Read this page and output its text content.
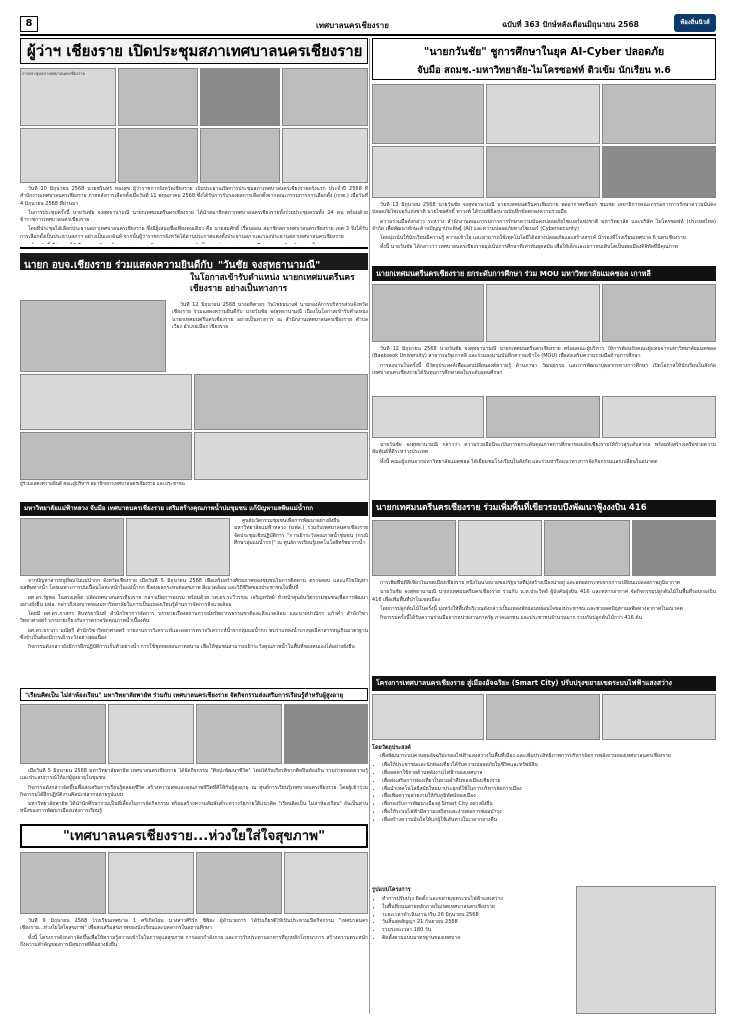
8	เทศบาลนครเชียงราย	ฉบับที่ 363 ปักษ์หลังเดือนมิถุนายน 2568	ท้องถิ่นนิวส์
ผู้ว่าฯ เชียงราย เปิดประชุมสภาเทศบาลนครเชียงราย
การประชุมสภาเทศบาลนครเชียงราย

วันที่ 10 มิถุนายน 2568 นายชรินทร์ ทองสุข ผู้ว่าราชการจังหวัดเชียงราย เป็นประธานเปิดการประชุมสภาเทศบาลนครเชียงรายครั้งแรก ประจำปี 2568 ที่สำนักงานเทศบาลนครเชียงราย ภายหลังการเลือกตั้งเมื่อวันที่ 11 พฤษภาคม 2568 ซึ่งได้รับการรับรองผลการเลือกตั้งจากคณะกรรมการการเลือกตั้ง (กกต.) เมื่อวันที่ 4 มิถุนายน 2568 ที่ผ่านมา

ในการประชุมครั้งนี้ นายวันชัย จงสุทธานามณี นายกเทศมนตรีนครเชียงราย ได้นำสมาชิกสภาเทศบาลนครเชียงรายทั้งร่วมประชุมครบทั้ง 24 คน พร้อมด้วยข้าราชการเทศบาลนครเชียงราย

โดยที่ประชุมได้เลือกประธานสภาเทศบาลนครเชียงราย ซึ่งมีผู้เสนอชื่อเพียงคนเดียว คือ นายสมศักดิ์ เรือนอ่อน สมาชิกสภาเทศบาลนครเชียงราย เขต 3 จึงได้รับการเลือกตั้งเป็นประธานสภาฯ อย่างเป็นเอกฉันท์ จากนั้นผู้ว่าราชการจังหวัดได้อ่านประกาศแต่งตั้งประธานสภาและรองประธานสภาเทศบาลนครเชียงราย

นายก อบจ.เชียงราย ร่วมแสดงความยินดีกับ "วันชัย จงสุทธานามณี"
ในโอกาสเข้ารับตำแหน่ง นายกเทศมนตรีนครเชียงราย อย่างเป็นทางการ

วันที่ 12 มิถุนายน 2568 นางอทิตาธร วันไชยธนวงศ์ นายกองค์การบริหารส่วนจังหวัดเชียงราย ร่วมแสดงความยินดีกับ นายวันชัย จงสุทธานามณี เนื่องในโอกาสเข้ารับตำแหน่ง นายกเทศมนตรีนครเชียงราย อย่างเป็นทางการ ณ สำนักงานเทศบาลนครเชียงราย ตำบลเวียง อำเภอเมือง เชียงราย

ผู้ร่วมแสดงความยินดี คณะผู้บริหาร สมาชิกสภาเทศบาลนครเชียงราย และประชาชน
มหาวิทยาลัยแม่ฟ้าหลวง จับมือ เทศบาลนครเชียงราย เสริมสร้างคุณภาพน้ำบ่มชุมชน แก้ปัญหามลพิษแม่น้ำกก

ศูนย์นวัตกรรมชุมชนเพื่อการพัฒนาอย่างยั่งยืน มหาวิทยาลัยแม่ฟ้าหลวง (มฟล.) ร่วมกับเทศบาลนครเชียงราย จัดประชุมเชิงปฏิบัติการ "การเฝ้าระวังคุณภาพน้ำชุมชน (กรณีศึกษาลุ่มแม่น้ำกก)" ณ ศูนย์การเรียนรู้เทคโนโลยีทรัพยากรน้ำ

จากปัญหาสารหนูที่พบในแม่น้ำกก จังหวัดเชียงราย เมื่อวันที่ 5 มิถุนายน 2568 เพื่อเสริมสร้างศักยภาพของชุมชนในการติดตาม ตรวจสอบ และแก้ไขปัญหามลพิษทางน้ำ โดยเฉพาะการปนเปื้อนโลหะหนักในแม่น้ำกก ซึ่งส่งผลกระทบต่อสุขภาพ สิ่งแวดล้อม และวิถีชีวิตของประชาชนในพื้นที่

ผศ.ดร.รัฐพล ในสรงเคล็ด ปลัดเทศบาลนครเชียงราย กล่าวเปิดการอบรม พร้อมด้วย รศ.ดร.ระวีวรรณ เจริญทรัพย์ หัวหน้าศูนย์นวัตกรรมชุมชนเพื่อการพัฒนาอย่างยั่งยืน มฟล. กล่าวถึงบทบาทของมหาวิทยาลัยในการเป็นแหล่งเรียนรู้ด้านการจัดการสิ่งแวดล้อม

โดยมี ผศ.ดร.ภาสกร สินทรธานินท์ สำนักวิชาการจัดการ บรรยายเรื่องสถานการณ์ทรัพยากรธรรมชาติและสิ่งแวดล้อม และนายปาณิกร แก้วคำ สำนักวิชาวิทยาศาสตร์ บรรยายเกี่ยวกับการตรวจวัดคุณภาพน้ำเบื้องต้น

ผศ.ดร.ธราภา มณีศรี สำนักวิชาวิทยาศาสตร์ รายงานการวิเคราะห์และผลการตรวจวิเคราะห์น้ำจากลุ่มแม่น้ำกก พบว่าแหล่งน้ำบางจุดมีค่าสารหนูเกินมาตรฐาน ซึ่งจำเป็นต้องมีการเฝ้าระวังอย่างต่อเนื่อง

กิจกรรมดังกล่าวยังมีการฝึกปฏิบัติการเก็บตัวอย่างน้ำ การใช้ชุดทดสอบภาคสนาม เพื่อให้ชุมชนสามารถเฝ้าระวังคุณภาพน้ำในพื้นที่ของตนเองได้อย่างยั่งยืน

"เรียนคิดเป็น ไม่ล่าห้องเรียน" มหาวิทยาลัยพายัพ ร่วมกับ เทศบาลนครเชียงราย จัดกิจกรรมส่งเสริมการเรียนรู้สำหรับผู้สูงอายุ

เมื่อวันที่ 5 มิถุนายน 2568 มหาวิทยาลัยพายัพ เทศบาลนครเชียงราย ได้จัดกิจกรรม "ศิลปะพัฒนาชีวิต" โดยได้รับเกียรติจากศิลปินท้องถิ่น ร่วมถ่ายทอดความรู้และประสบการณ์ให้แก่ผู้สูงอายุในชุมชน

กิจกรรมดังกล่าวจัดขึ้นเพื่อส่งเสริมการเรียนรู้ตลอดชีวิต สร้างความสุขและคุณภาพชีวิตที่ดีให้กับผู้สูงอายุ ณ ศูนย์การเรียนรู้เทศบาลนครเชียงราย โดยผู้เข้าร่วมกิจกรรมได้ฝึกปฏิบัติงานศิลปะหลากหลายรูปแบบ

มหาวิทยาลัยพายัพ ได้นำนักศึกษาร่วมเป็นพี่เลี้ยงในการจัดกิจกรรม พร้อมสร้างความสัมพันธ์ระหว่างวัยภายใต้แนวคิด "เรียนคิดเป็น ไม่ล่าห้องเรียน" อันเป็นส่วนหนึ่งของการพัฒนาเมืองแห่งการเรียนรู้

"เทศบาลนครเชียงราย...ห่วงใยใส่ใจสุขภาพ"

วันที่ 9 มิถุนายน 2568 โรงเรียนเทศบาล 1 ศรีเกิดไผ่ม นางสาวศิริรัก ชีพิยะ ผู้อำนวยการ ได้รับเกียรติให้เป็นประธานเปิดกิจกรรม "เทศบาลนครเชียงราย...ห่วงใยใส่ใจสุขภาพ" เพื่อส่งเสริมสุขภาพของนักเรียนและบุคลากรในสถานศึกษา

ทั้งนี้ โครงการดังกล่าวจัดขึ้นเพื่อให้ความรู้ความเข้าใจในการดูแลสุขภาพ การออกกำลังกาย และการรับประทานอาหารที่ถูกหลักโภชนาการ สร้างความตระหนักถึงความสำคัญของการมีสุขภาพที่ดีอย่างยั่งยืน

"นายกวันชัย" ชูการศึกษาในยุค AI-Cyber ปลอดภัย
จับมือ สถมช.-มหาวิทยาลัย-ไมโครซอฟท์ ติวเข้ม นักเรียน ท.6

วันที่ 13 มิถุนายน 2568 นายวันชัย จงสุทธานามณี นายกเทศมนตรีนครเชียงราย พลอากาศตรีอมร ชมเชย เลขาธิการคณะกรรมการการรักษาความมั่นคงปลอดภัยไซเบอร์แห่งชาติ นายไชยศักดิ์ ทาวงศ์ ได้ร่วมพิธีลงนามบันทึกข้อตกลงความร่วมมือ

ความร่วมมือดังกล่าว ระหว่าง สำนักงานคณะกรรมการการรักษาความมั่นคงปลอดภัยไซเบอร์แห่งชาติ มหาวิทยาลัย และบริษัท ไมโครซอฟท์ (ประเทศไทย) จำกัด เพื่อพัฒนาทักษะด้านปัญญาประดิษฐ์ (AI) และความปลอดภัยทางไซเบอร์ (Cybersecurity)

โดยมุ่งเน้นให้นักเรียนมีความรู้ ความเข้าใจ และสามารถใช้เทคโนโลยีได้อย่างปลอดภัยและสร้างสรรค์ นำร่องที่โรงเรียนเทศบาล 6 นครเชียงราย

ทั้งนี้ นายวันชัย ได้กล่าวว่า เทศบาลนครเชียงรายมุ่งเน้นการศึกษาที่เท่าทันยุคสมัย เพื่อให้เด็กและเยาวชนเติบโตเป็นพลเมืองดิจิทัลที่มีคุณภาพ

นายกเทศมนตรีนครเชียงราย ยกระดับการศึกษา ร่วม MOU มหาวิทยาลัยแมคซอล เกาหลี

วันที่ 12 มิถุนายน 2568 นายวันชัย จงสุทธานามณี นายกเทศมนตรีนครเชียงราย พร้อมคณะผู้บริหาร ให้การต้อนรับคณะผู้แทนจากมหาวิทยาลัยแมคซอล (Baekseok University) สาธารณรัฐเกาหลี และร่วมลงนามบันทึกความเข้าใจ (MOU) เพื่อส่งเสริมความร่วมมือด้านการศึกษา

การลงนามในครั้งนี้ มีวัตถุประสงค์เพื่อแลกเปลี่ยนองค์ความรู้ ด้านภาษา วัฒนธรรม และการพัฒนาบุคลากรทางการศึกษา เปิดโอกาสให้นักเรียนในสังกัดเทศบาลนครเชียงรายได้รับทุนการศึกษาต่อในระดับอุดมศึกษา

นายวันชัย จงสุทธานามณี กล่าวว่า ความร่วมมือนี้จะเป็นการยกระดับคุณภาพการศึกษาของเด็กเชียงรายให้ก้าวสู่ระดับสากล พร้อมทั้งสร้างเครือข่ายความสัมพันธ์ที่ดีระหว่างประเทศ

ทั้งนี้ คณะผู้แทนจากมหาวิทยาลัยแมคซอล ได้เยี่ยมชมโรงเรียนในสังกัด และร่วมหารือแนวทางการจัดกิจกรรมแลกเปลี่ยนในอนาคต

นายกเทศมนตรีนครเชียงราย ร่วมเพิ่มพื้นที่เขียวรอบบึงพัฒนาฟู้งงงบิน 416

การเพิ่มพื้นที่สีเขียวในเขตเมืองเชียงราย หนึ่งในนโยบายของรัฐบาลที่มุ่งสร้างเมืองน่าอยู่ และลดผลกระทบจากการเปลี่ยนแปลงสภาพภูมิอากาศ

นายวันชัย จงสุทธานามณี นายกเทศมนตรีนครเชียงราย ร่วมกับ น.ท.ประวิทย์ ผู้บังคับฝูงบิน 416 และทหารอากาศ จัดกิจกรรมปลูกต้นไม้ในพื้นที่รอบกองบิน 416 เพื่อเพิ่มพื้นที่ป่าในเขตเมือง

โดยการปลูกต้นไม้ในครั้งนี้ มุ่งหวังให้พื้นที่บริเวณดังกล่าวเป็นแหล่งพักผ่อนหย่อนใจของประชาชน และช่วยลดปัญหามลพิษทางอากาศในอนาคต

กิจกรรมครั้งนี้ได้รับความร่วมมือจากหน่วยงานภาครัฐ ภาคเอกชน และประชาชนจำนวนมาก ร่วมกันปลูกต้นไม้กว่า 416 ต้น

โครงการเทศบาลนครเชียงราย สู่เมืองอัจฉริยะ (Smart City) ปรับปรุงขยายเขตระบบไฟฟ้าแสงสว่าง
โดยวัตถุประสงค์

เพื่อพัฒนาระบบควบคุมอัจฉริยะของไฟฟ้าแสงสว่างในพื้นที่เมือง และเพิ่มประสิทธิภาพการบริหารจัดการพลังงานของเทศบาลนครเชียงราย

• เพื่อให้ประชาชนและนักท่องเที่ยวได้รับความปลอดภัยในชีวิตและทรัพย์สิน
• เพื่อลดค่าใช้จ่ายด้านพลังงานไฟฟ้าของเทศบาล
• เพื่อส่งเสริมการท่องเที่ยวในยามค่ำคืนของเมืองเชียงราย
• เพื่อนำเทคโนโลยีสมัยใหม่มาประยุกต์ใช้ในการบริหารจัดการเมือง
• เพื่อเพิ่มความสวยงามให้กับภูมิทัศน์ของเมือง
• เพื่อรองรับการพัฒนาเมืองสู่ Smart City อย่างยั่งยืน
• เพื่อให้ระบบไฟฟ้ามีความเสถียรและง่ายต่อการซ่อมบำรุง
• เพื่อสร้างความมั่นใจให้แก่ผู้ใช้เส้นทางในเวลากลางคืน
รูปแบบโครงการ
• ทำการปรับปรุง ติดตั้ง และขยายเขตระบบไฟฟ้าแสงสว่าง
• ในพื้นที่ถนนสายหลักภายในเขตเทศบาลนครเชียงราย
• ระยะเวลาดำเนินงาน เริ่ม 26 มิถุนายน 2568
• วันสิ้นสุดสัญญา 21 กันยายน 2568
• รวมระยะเวลา 180 วัน
• ติดตั้งตามแบบมาตรฐานของเทศบาล
